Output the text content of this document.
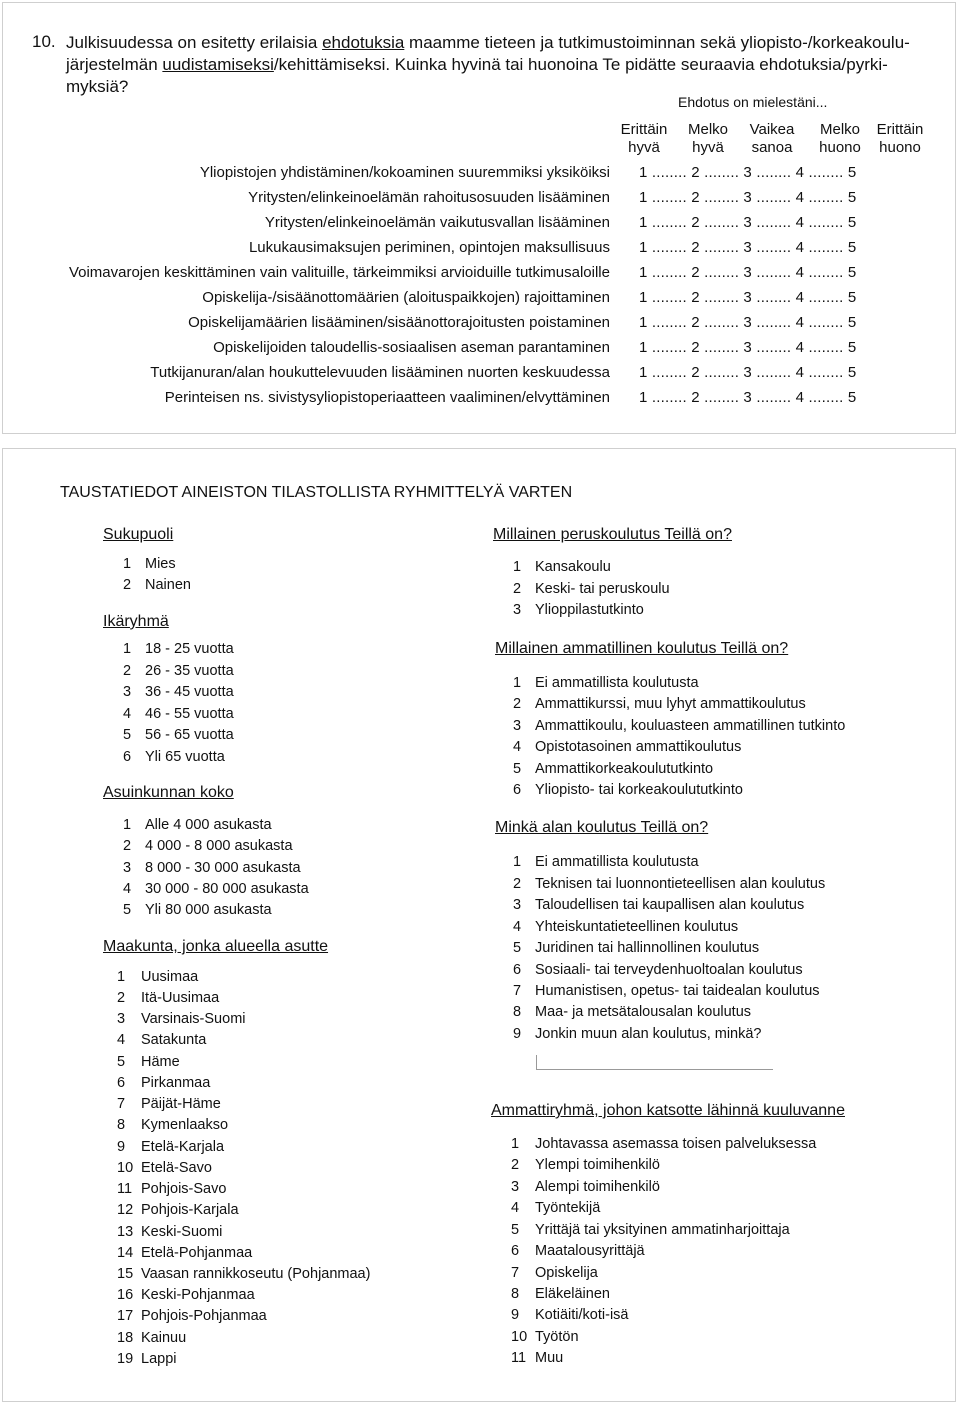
10. Julkisuudessa on esitetty erilaisia ehdotuksia maamme tieteen ja tutkimustoiminnan sekä yliopisto-/korkeakoulujärjestelmän uudistamiseksi/kehittämiseksi. Kuinka hyvinä tai huonoina Te pidätte seuraavia ehdotuksia/pyrkimyksiä?
Ehdotus on mielestäni...
Erittäin
hyvä
Melko
hyvä
Vaikea
sanoa
Melko
huono
Erittäin
huono
Yliopistojen yhdistäminen/kokoaminen suuremmiksi yksiköiksi 1 ........ 2 ........ 3 ........ 4 ........ 5
Yritysten/elinkeinoelämän rahoitusosuuden lisääminen 1 ........ 2 ........ 3 ........ 4 ........ 5
Yritysten/elinkeinoelämän vaikutusvallan lisääminen 1 ........ 2 ........ 3 ........ 4 ........ 5
Lukukausimaksujen periminen, opintojen maksullisuus 1 ........ 2 ........ 3 ........ 4 ........ 5
Voimavarojen keskittäminen vain valituille, tärkeimmiksi arvioiduille tutkimusaloille 1 ........ 2 ........ 3 ........ 4 ........ 5
Opiskelija-/sisäänottomäärien (aloituspaikkojen) rajoittaminen 1 ........ 2 ........ 3 ........ 4 ........ 5
Opiskelijamäärien lisääminen/sisäänottorajoitusten poistaminen 1 ........ 2 ........ 3 ........ 4 ........ 5
Opiskelijoiden taloudellis-sosiaalisen aseman parantaminen 1 ........ 2 ........ 3 ........ 4 ........ 5
Tutkijanuran/alan houkuttelevuuden lisääminen nuorten keskuudessa 1 ........ 2 ........ 3 ........ 4 ........ 5
Perinteisen ns. sivistysyliopistoperiaatteen vaaliminen/elvyttäminen 1 ........ 2 ........ 3 ........ 4 ........ 5
TAUSTATIEDOT AINEISTON TILASTOLLISTA RYHMITTELYÄ VARTEN
Sukupuoli
1 Mies
2 Nainen
Ikäryhmä
1 18 - 25 vuotta
2 26 - 35 vuotta
3 36 - 45 vuotta
4 46 - 55 vuotta
5 56 - 65 vuotta
6 Yli 65 vuotta
Asuinkunnan koko
1 Alle 4 000 asukasta
2 4 000 - 8 000 asukasta
3 8 000 - 30 000 asukasta
4 30 000 - 80 000 asukasta
5 Yli 80 000 asukasta
Maakunta, jonka alueella asutte
1 Uusimaa
2 Itä-Uusimaa
3 Varsinais-Suomi
4 Satakunta
5 Häme
6 Pirkanmaa
7 Päijät-Häme
8 Kymenlaakso
9 Etelä-Karjala
10 Etelä-Savo
11 Pohjois-Savo
12 Pohjois-Karjala
13 Keski-Suomi
14 Etelä-Pohjanmaa
15 Vaasan rannikkoseutu (Pohjanmaa)
16 Keski-Pohjanmaa
17 Pohjois-Pohjanmaa
18 Kainuu
19 Lappi
Millainen peruskoulutus Teillä on?
1 Kansakoulu
2 Keski- tai peruskoulu
3 Ylioppilastutkinto
Millainen ammatillinen koulutus Teillä on?
1 Ei ammatillista koulutusta
2 Ammattikurssi, muu lyhyt ammattikoulutus
3 Ammattikoulu, kouluasteen ammatillinen tutkinto
4 Opistotasoinen ammattikoulutus
5 Ammattikorkeakoulututkinto
6 Yliopisto- tai korkeakoulututkinto
Minkä alan koulutus Teillä on?
1 Ei ammatillista koulutusta
2 Teknisen tai luonnontieteellisen alan koulutus
3 Taloudellisen tai kaupallisen alan koulutus
4 Yhteiskuntatieteellinen koulutus
5 Juridinen tai hallinnollinen koulutus
6 Sosiaali- tai terveydenhuoltoalan koulutus
7 Humanistisen, opetus- tai taidealan koulutus
8 Maa- ja metsätalousalan koulutus
9 Jonkin muun alan koulutus, minkä?
Ammattiryhmä, johon katsotte lähinnä kuuluvanne
1 Johtavassa asemassa toisen palveluksessa
2 Ylempi toimihenkilö
3 Alempi toimihenkilö
4 Työntekijä
5 Yrittäjä tai yksityinen ammatinharjoittaja
6 Maatalousyrittäjä
7 Opiskelija
8 Eläkeläinen
9 Kotiäiti/koti-isä
10 Työtön
11 Muu
